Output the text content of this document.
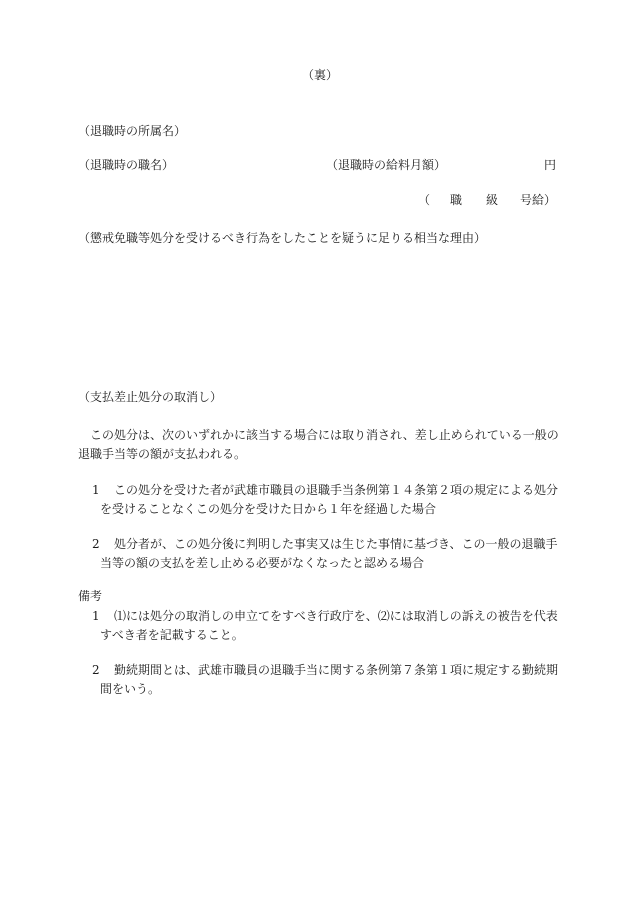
（裏）
（退職時の所属名）
（退職時の職名）	（退職時の給料月額）	円
（ 職 級 号給）
（懲戒免職等処分を受けるべき行為をしたことを疑うに足りる相当な理由）
（支払差止処分の取消し）
この処分は、次のいずれかに該当する場合には取り消され、差し止められている一般の
退職手当等の額が支払われる。
1 この処分を受けた者が武雄市職員の退職手当条例第１４条第２項の規定による処分
を受けることなくこの処分を受けた日から１年を経過した場合
2 処分者が、この処分後に判明した事実又は生じた事情に基づき、この一般の退職手
当等の額の支払を差し止める必要がなくなったと認める場合
備考
1 ⑴には処分の取消しの申立てをすべき行政庁を、⑵には取消しの訴えの被告を代表
すべき者を記載すること。
2 勤続期間とは、武雄市職員の退職手当に関する条例第７条第１項に規定する勤続期
間をいう。
